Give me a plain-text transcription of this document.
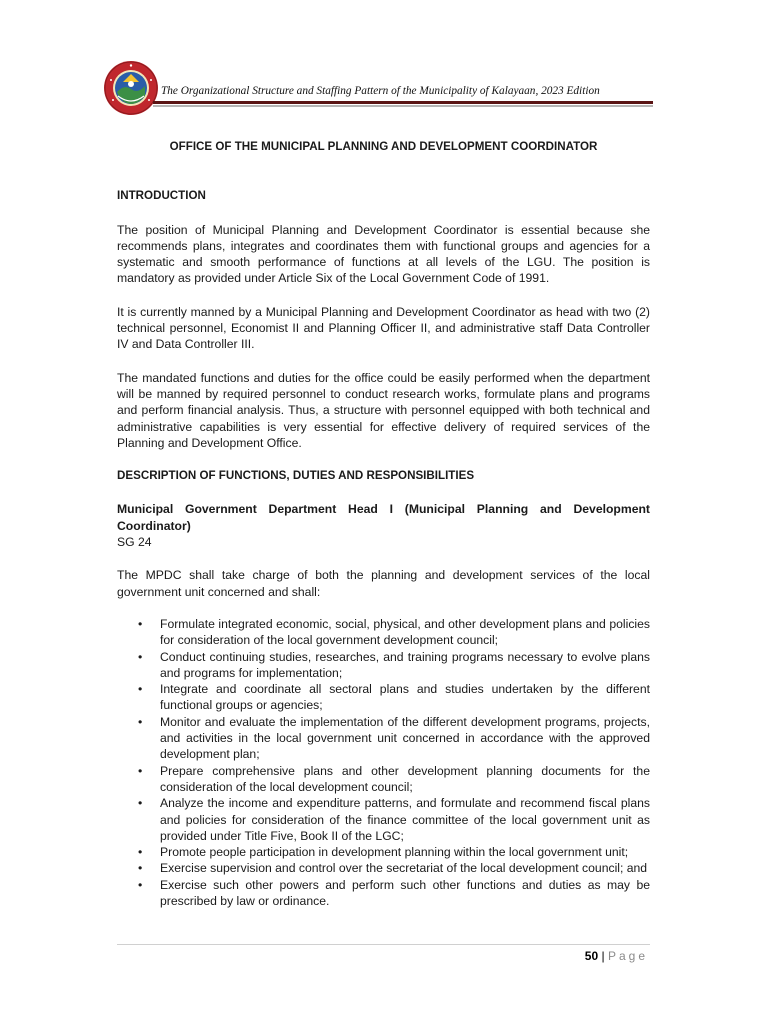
The Organizational Structure and Staffing Pattern of the Municipality of Kalayaan, 2023 Edition
OFFICE OF THE MUNICIPAL PLANNING AND DEVELOPMENT COORDINATOR
INTRODUCTION

The position of Municipal Planning and Development Coordinator is essential because she recommends plans, integrates and coordinates them with functional groups and agencies for a systematic and smooth performance of functions at all levels of the LGU. The position is mandatory as provided under Article Six of the Local Government Code of 1991.

It is currently manned by a Municipal Planning and Development Coordinator as head with two (2) technical personnel, Economist II and Planning Officer II, and administrative staff Data Controller IV and Data Controller III.

The mandated functions and duties for the office could be easily performed when the department will be manned by required personnel to conduct research works, formulate plans and programs and perform financial analysis. Thus, a structure with personnel equipped with both technical and administrative capabilities is very essential for effective delivery of required services of the Planning and Development Office.

DESCRIPTION OF FUNCTIONS, DUTIES AND RESPONSIBILITIES

Municipal Government Department Head I (Municipal Planning and Development Coordinator)

SG 24

The MPDC shall take charge of both the planning and development services of the local government unit concerned and shall:

• Formulate integrated economic, social, physical, and other development plans and policies for consideration of the local government development council;
• Conduct continuing studies, researches, and training programs necessary to evolve plans and programs for implementation;
• Integrate and coordinate all sectoral plans and studies undertaken by the different functional groups or agencies;
• Monitor and evaluate the implementation of the different development programs, projects, and activities in the local government unit concerned in accordance with the approved development plan;
• Prepare comprehensive plans and other development planning documents for the consideration of the local development council;
• Analyze the income and expenditure patterns, and formulate and recommend fiscal plans and policies for consideration of the finance committee of the local government unit as provided under Title Five, Book II of the LGC;
• Promote people participation in development planning within the local government unit;
• Exercise supervision and control over the secretariat of the local development council; and
• Exercise such other powers and perform such other functions and duties as may be prescribed by law or ordinance.
50 | Page
